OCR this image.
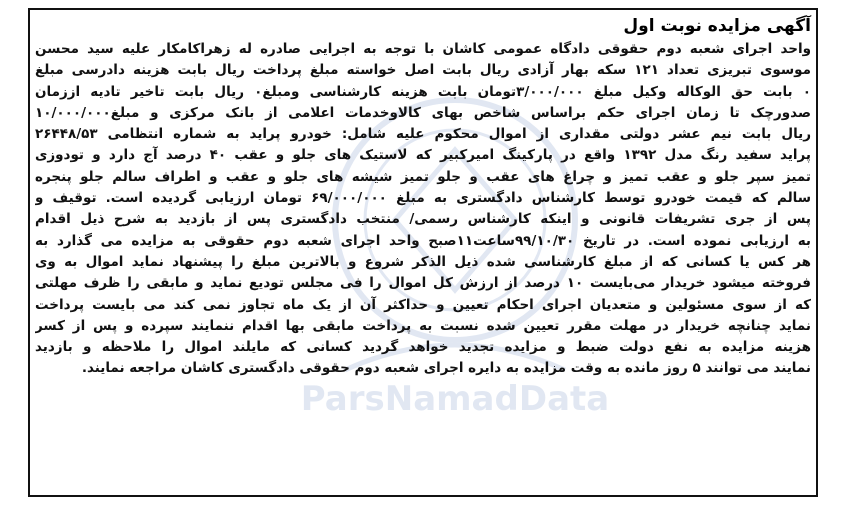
ParsNamadData
آگهی مزایده نوبت اول
واحد اجرای شعبه دوم حقوقی دادگاه عمومی کاشان با توجه به اجرایی صادره له زهراکامکار علیه سید محسن
موسوی تبریزی تعداد ۱۲۱ سکه بهار آزادی ریال بابت اصل خواسته مبلغ پرداخت ریال بابت هزینه دادرسی مبلغ
۰ بابت حق الوکاله وکیل مبلغ ۳/۰۰۰/۰۰۰تومان بابت هزینه کارشناسی ومبلغ۰ ریال بابت تاخیر تادیه اززمان
صدورچک تا زمان اجرای حکم براساس شاخص بهای کالاوخدمات اعلامی از بانک مرکزی و مبلغ۱۰/۰۰۰/۰۰۰
ریال بابت نیم عشر دولتی مقداری از اموال محکوم علیه شامل: خودرو پراید به شماره انتظامی ۲۶۴۴۸/۵۳
پراید سفید رنگ مدل ۱۳۹۲ واقع در پارکینگ امیرکبیر که لاستیک های جلو و عقب ۴۰ درصد آج دارد و تودوزی
تمیز سپر جلو و عقب تمیز و چراغ های عقب و جلو تمیز شیشه های جلو و عقب و اطراف سالم جلو پنجره
سالم که قیمت خودرو توسط کارشناس دادگستری به مبلغ ۶۹/۰۰۰/۰۰۰ تومان ارزیابی گردیده است. توقیف و
پس از جری تشریفات قانونی و اینکه کارشناس رسمی/ منتخب دادگستری پس از بازدید به شرح ذیل اقدام
به ارزیابی نموده است. در تاریخ ۹۹/۱۰/۳۰ساعت۱۱صبح واحد اجرای شعبه دوم حقوقی به مزایده می گذارد به
هر کس یا کسانی که از مبلغ کارشناسی شده ذیل الذکر شروع و بالاترین مبلغ را پیشنهاد نماید اموال به وی
فروخته میشود خریدار می‌بایست ۱۰ درصد از ارزش کل اموال را فی مجلس تودیع نماید و مابقی را ظرف مهلتی
که از سوی مسئولین و متعدیان اجرای احکام تعیین و حداکثر آن از یک ماه تجاوز نمی کند می بایست پرداخت
نماید چنانچه خریدار در مهلت مقرر تعیین شده نسبت به پرداخت مابقی بها اقدام ننمایند سپرده و پس از کسر
هزینه مزایده به نفع دولت ضبط و مزایده تجدید خواهد گردید کسانی که مایلند اموال را ملاحظه و بازدید
نمایند می توانند ۵ روز مانده به وقت مزایده به دایره اجرای شعبه دوم حقوقی دادگستری کاشان مراجعه نمایند.
